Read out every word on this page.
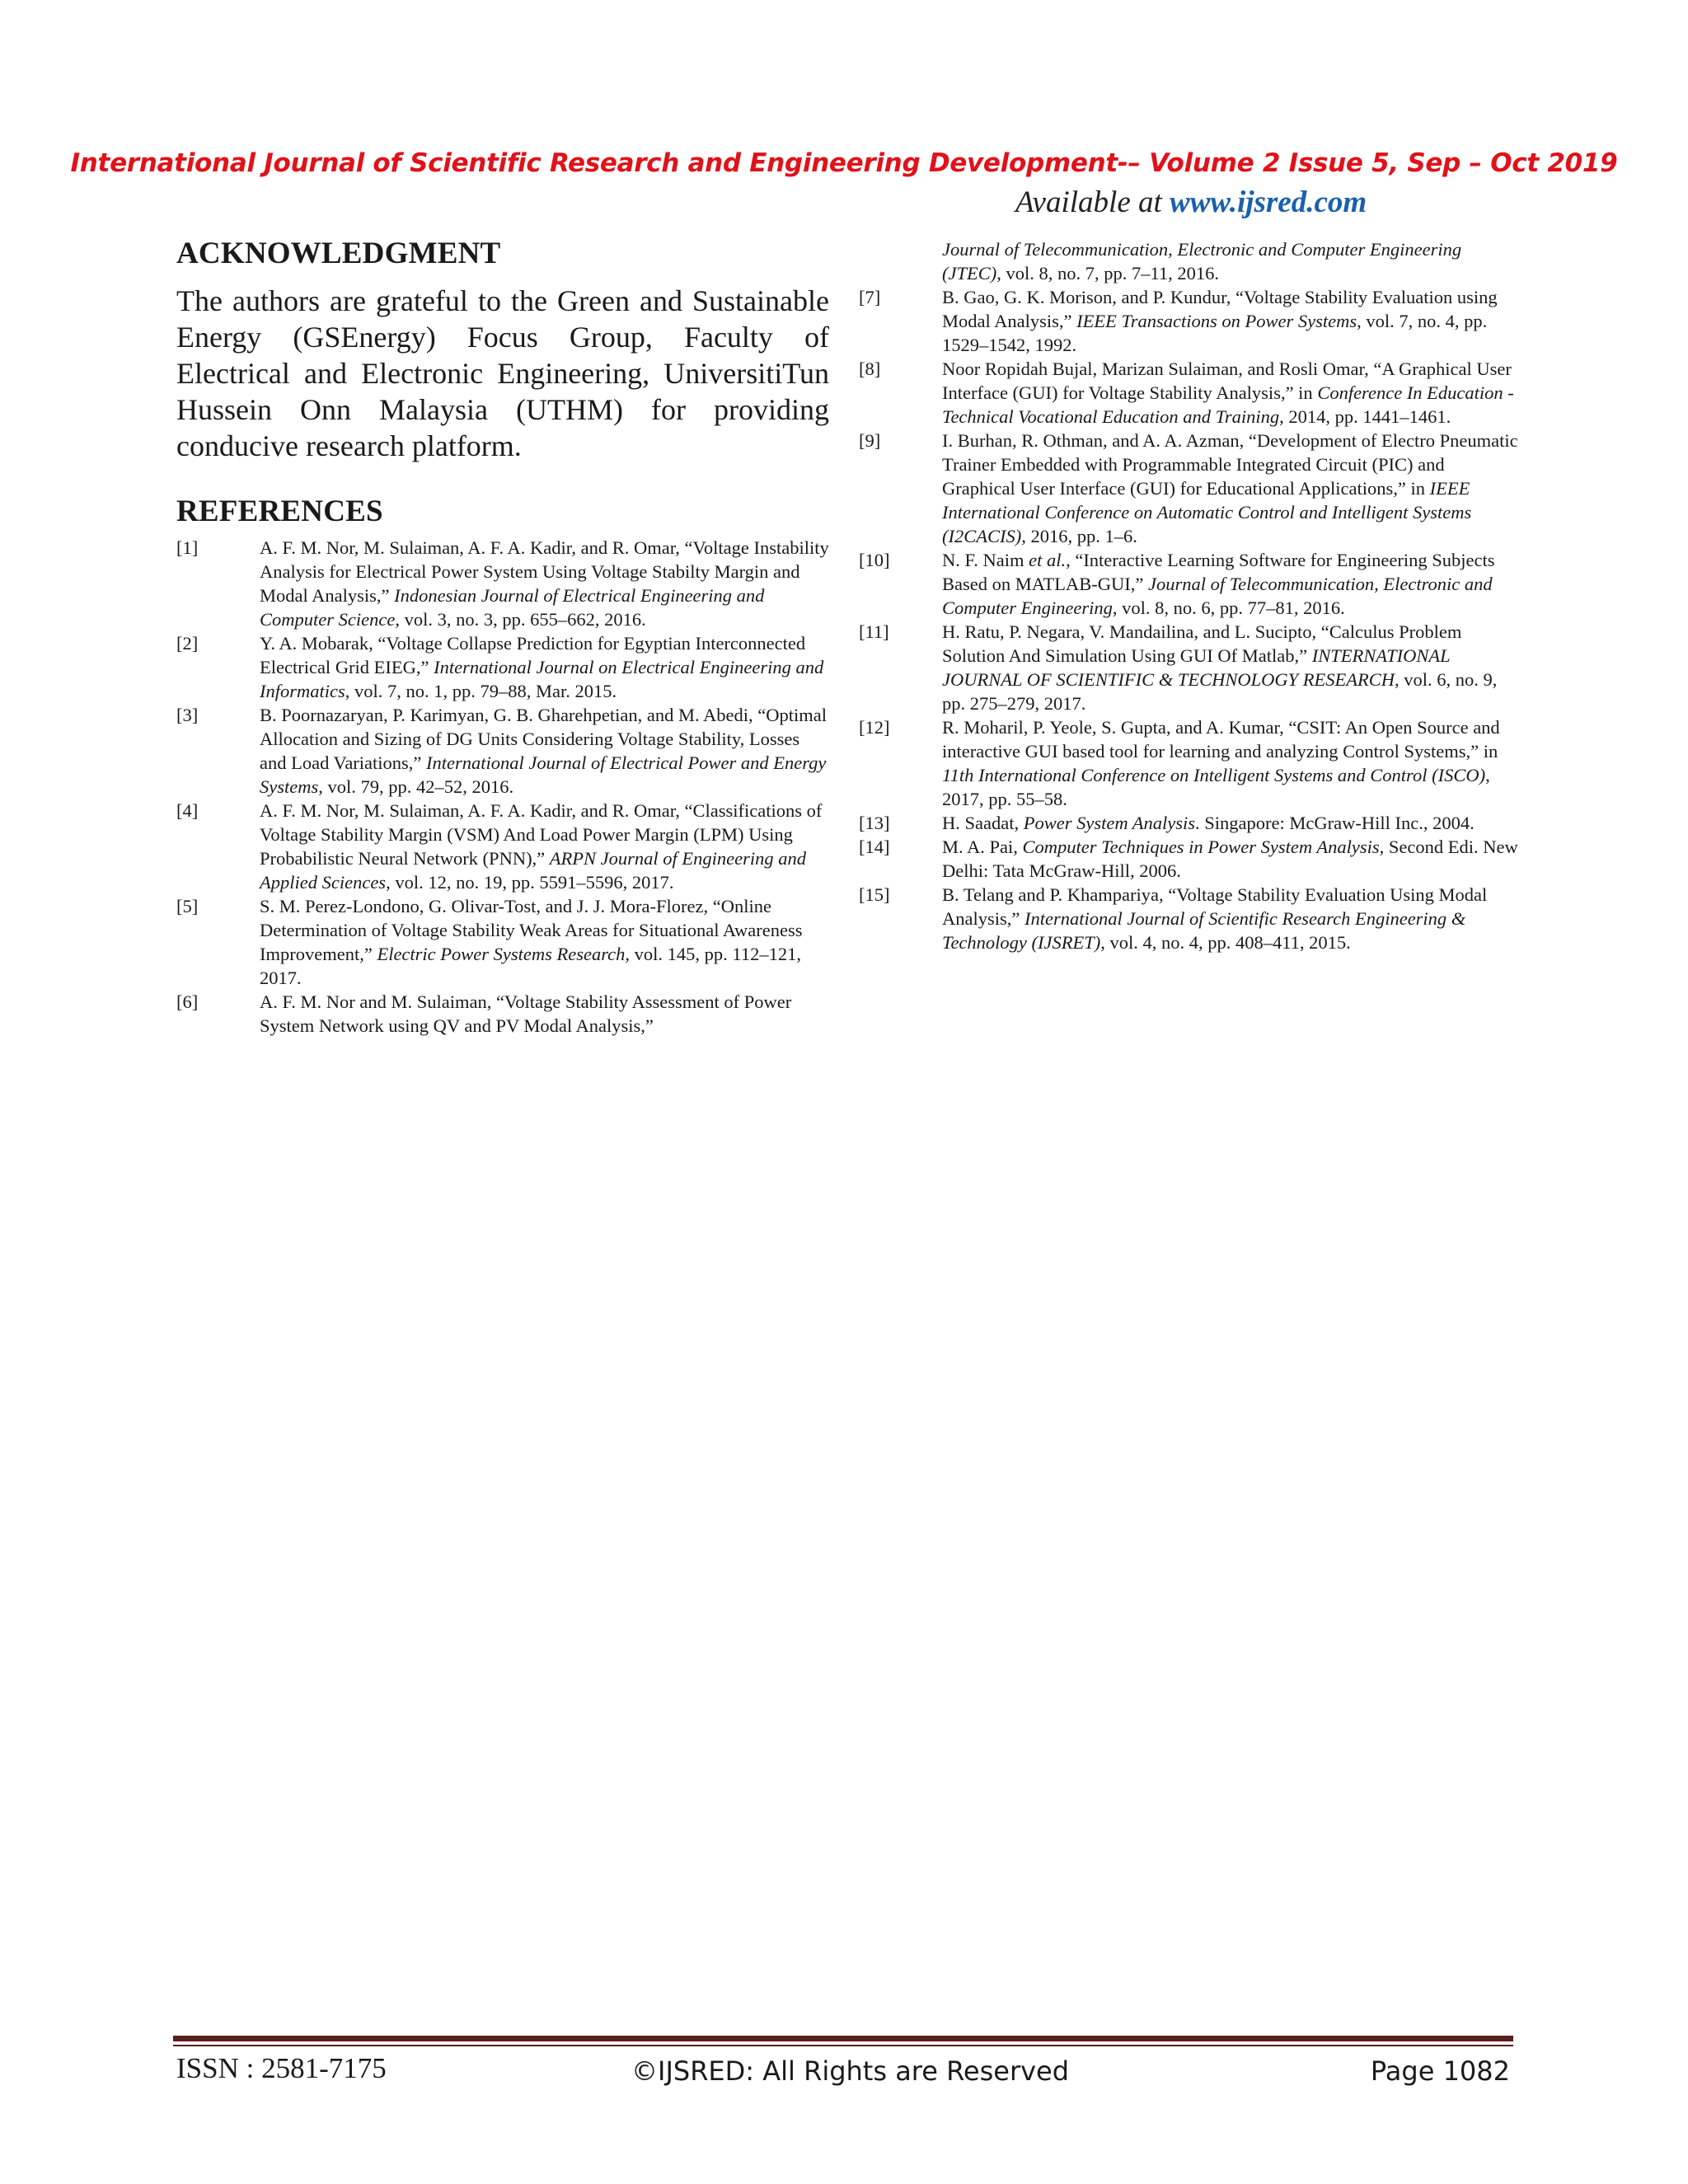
International Journal of Scientific Research and Engineering Development-– Volume 2 Issue 5, Sep – Oct 2019
Available at www.ijsred.com
ACKNOWLEDGMENT

The authors are grateful to the Green and Sustainable Energy (GSEnergy) Focus Group, Faculty of Electrical and Electronic Engineering, UniversitiTun Hussein Onn Malaysia (UTHM) for providing conducive research platform.

REFERENCES
[1]	A. F. M. Nor, M. Sulaiman, A. F. A. Kadir, and R. Omar, “Voltage Instability Analysis for Electrical Power System Using Voltage Stabilty Margin and Modal Analysis,” Indonesian Journal of Electrical Engineering and Computer Science, vol. 3, no. 3, pp. 655–662, 2016.
[2]	Y. A. Mobarak, “Voltage Collapse Prediction for Egyptian Interconnected Electrical Grid EIEG,” International Journal on Electrical Engineering and Informatics, vol. 7, no. 1, pp. 79–88, Mar. 2015.
[3]	B. Poornazaryan, P. Karimyan, G. B. Gharehpetian, and M. Abedi, “Optimal Allocation and Sizing of DG Units Considering Voltage Stability, Losses and Load Variations,” International Journal of Electrical Power and Energy Systems, vol. 79, pp. 42–52, 2016.
[4]	A. F. M. Nor, M. Sulaiman, A. F. A. Kadir, and R. Omar, “Classifications of Voltage Stability Margin (VSM) And Load Power Margin (LPM) Using Probabilistic Neural Network (PNN),” ARPN Journal of Engineering and Applied Sciences, vol. 12, no. 19, pp. 5591–5596, 2017.
[5]	S. M. Perez-Londono, G. Olivar-Tost, and J. J. Mora-Florez, “Online Determination of Voltage Stability Weak Areas for Situational Awareness Improvement,” Electric Power Systems Research, vol. 145, pp. 112–121, 2017.
[6]	A. F. M. Nor and M. Sulaiman, “Voltage Stability Assessment of Power System Network using QV and PV Modal Analysis,”
Journal of Telecommunication, Electronic and Computer Engineering (JTEC), vol. 8, no. 7, pp. 7–11, 2016.
[7]	B. Gao, G. K. Morison, and P. Kundur, “Voltage Stability Evaluation using Modal Analysis,” IEEE Transactions on Power Systems, vol. 7, no. 4, pp. 1529–1542, 1992.
[8]	Noor Ropidah Bujal, Marizan Sulaiman, and Rosli Omar, “A Graphical User Interface (GUI) for Voltage Stability Analysis,” in Conference In Education - Technical Vocational Education and Training, 2014, pp. 1441–1461.
[9]	I. Burhan, R. Othman, and A. A. Azman, “Development of Electro Pneumatic Trainer Embedded with Programmable Integrated Circuit (PIC) and Graphical User Interface (GUI) for Educational Applications,” in IEEE International Conference on Automatic Control and Intelligent Systems (I2CACIS), 2016, pp. 1–6.
[10]	N. F. Naim et al., “Interactive Learning Software for Engineering Subjects Based on MATLAB-GUI,” Journal of Telecommunication, Electronic and Computer Engineering, vol. 8, no. 6, pp. 77–81, 2016.
[11]	H. Ratu, P. Negara, V. Mandailina, and L. Sucipto, “Calculus Problem Solution And Simulation Using GUI Of Matlab,” INTERNATIONAL JOURNAL OF SCIENTIFIC & TECHNOLOGY RESEARCH, vol. 6, no. 9, pp. 275–279, 2017.
[12]	R. Moharil, P. Yeole, S. Gupta, and A. Kumar, “CSIT: An Open Source and interactive GUI based tool for learning and analyzing Control Systems,” in 11th International Conference on Intelligent Systems and Control (ISCO), 2017, pp. 55–58.
[13]	H. Saadat, Power System Analysis. Singapore: McGraw-Hill Inc., 2004.
[14]	M. A. Pai, Computer Techniques in Power System Analysis, Second Edi. New Delhi: Tata McGraw-Hill, 2006.
[15]	B. Telang and P. Khampariya, “Voltage Stability Evaluation Using Modal Analysis,” International Journal of Scientific Research Engineering & Technology (IJSRET), vol. 4, no. 4, pp. 408–411, 2015.
ISSN : 2581-7175	©IJSRED: All Rights are Reserved	Page 1082
